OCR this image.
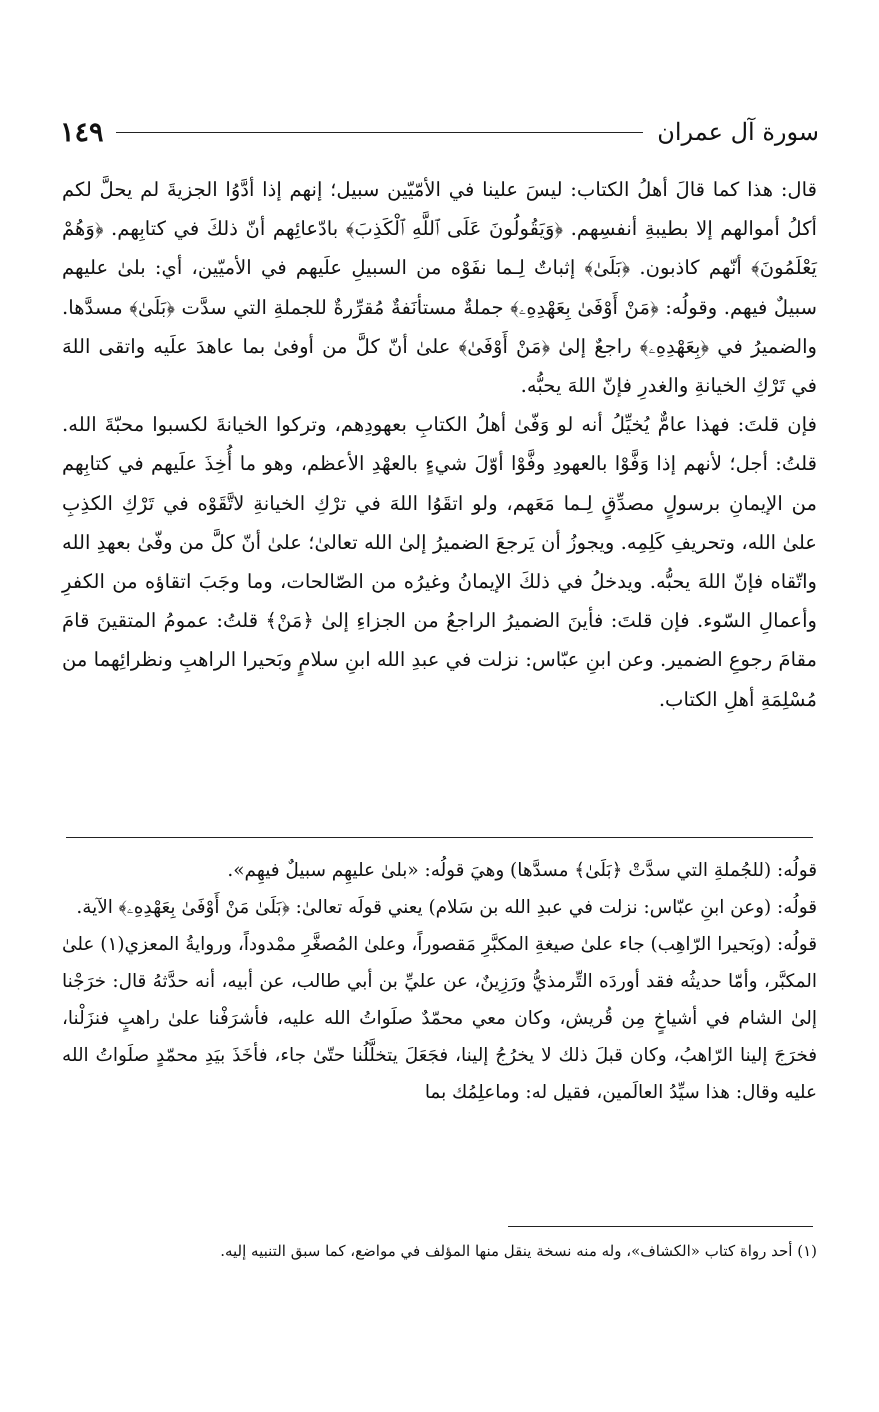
سورة آل عمران
١٤٩

قال: هذا كما قالَ أهلُ الكتاب: ليسَ علينا في الأمّيّين سبيل؛ إنهم إذا أدَّوُا الجزيةَ لم يحلَّ لكم أكلُ أموالهم إلا بطيبةِ أنفسِهم. ﴿وَيَقُولُونَ عَلَى ٱللَّهِ ٱلْكَذِبَ﴾ بادّعائِهم أنّ ذلكَ في كتابِهم. ﴿وَهُمْ يَعْلَمُونَ﴾ أنّهم كاذبون. ﴿بَلَىٰ﴾ إثباتٌ لِـما نفَوْه من السبيلِ علَيهم في الأميّين، أي: بلىٰ عليهم سبيلٌ فيهم. وقولُه: ﴿مَنْ أَوْفَىٰ بِعَهْدِهِۦ﴾ جملةٌ مستأنَفةٌ مُقرِّرةٌ للجملةِ التي سدَّت ﴿بَلَىٰ﴾ مسدَّها. والضميرُ في ﴿بِعَهْدِهِۦ﴾ راجعٌ إلىٰ ﴿مَنْ أَوْفَىٰ﴾ علىٰ أنّ كلَّ من أوفىٰ بما عاهدَ علَيه واتقى اللهَ في تَرْكِ الخيانةِ والغدرِ فإنّ اللهَ يحبُّه.

فإن قلتَ: فهذا عامٌّ يُخيِّلُ أنه لو وَفّىٰ أهلُ الكتابِ بعهودِهم، وتركوا الخيانةَ لكسبوا محبّةَ الله. قلتُ: أجل؛ لأنهم إذا وَفَّوْا بالعهودِ وفَّوْا أوّلَ شيءٍ بالعهْدِ الأعظم، وهو ما أُخِذَ علَيهم في كتابِهم من الإيمانِ برسولٍ مصدِّقٍ لِـما مَعَهم، ولو اتقَوُا اللهَ في ترْكِ الخيانةِ لاتَّقَوْه في تَرْكِ الكذِبِ علىٰ الله، وتحريفِ كَلِمِه. ويجوزُ أن يَرجعَ الضميرُ إلىٰ الله تعالىٰ؛ علىٰ أنّ كلَّ من وفّىٰ بعهدِ الله واتّقاه فإنّ اللهَ يحبُّه. ويدخلُ في ذلكَ الإيمانُ وغيرُه من الصّالحات، وما وجَبَ اتقاؤه من الكفرِ وأعمالِ السّوء. فإن قلتَ: فأينَ الضميرُ الراجعُ من الجزاءِ إلىٰ ﴿مَنْ﴾ قلتُ: عمومُ المتقينَ قامَ مقامَ رجوعِ الضمير. وعن ابنِ عبّاس: نزلت في عبدِ الله ابنِ سلامٍ وبَحيرا الراهبِ ونظرائِهما من مُسْلِمَةِ أهلِ الكتاب.

قولُه: (للجُملةِ التي سدَّتْ ﴿بَلَىٰ﴾ مسدَّها) وهيَ قولُه: «بلىٰ عليهِم سبيلٌ فيهِم».

قولُه: (وعن ابنِ عبّاس: نزلت في عبدِ الله بن سَلام) يعني قولَه تعالىٰ: ﴿بَلَىٰ مَنْ أَوْفَىٰ بِعَهْدِهِۦ﴾ الآية.

قولُه: (وبَحيرا الرّاهِب) جاء علىٰ صيغةِ المكبَّرِ مَقصوراً، وعلىٰ المُصغَّرِ ممْدوداً، وروايةُ المعزي(١) علىٰ المكبَّر، وأمّا حديثُه فقد أوردَه التِّرمذيُّ ورَزِينٌ، عن عليِّ بن أبي طالب، عن أبيه، أنه حدَّثهُ قال: خرَجْنا إلىٰ الشام في أشياخٍ مِن قُريش، وكان معي محمّدٌ صلَواتُ الله عليه، فأشرَفْنا علىٰ راهبٍ فنزَلْنا، فخرَجَ إلينا الرّاهبُ، وكان قبلَ ذلك لا يخرُجُ إلينا، فجَعَلَ يتخلَّلُنا حتّىٰ جاء، فأخَذَ بيَدِ محمّدٍ صلَواتُ الله عليه وقال: هذا سيِّدُ العالَمين، فقيل له: وماعلِمُك بما

(١) أحد رواة كتاب «الكشاف»، وله منه نسخة ينقل منها المؤلف في مواضع، كما سبق التنبيه إليه.
